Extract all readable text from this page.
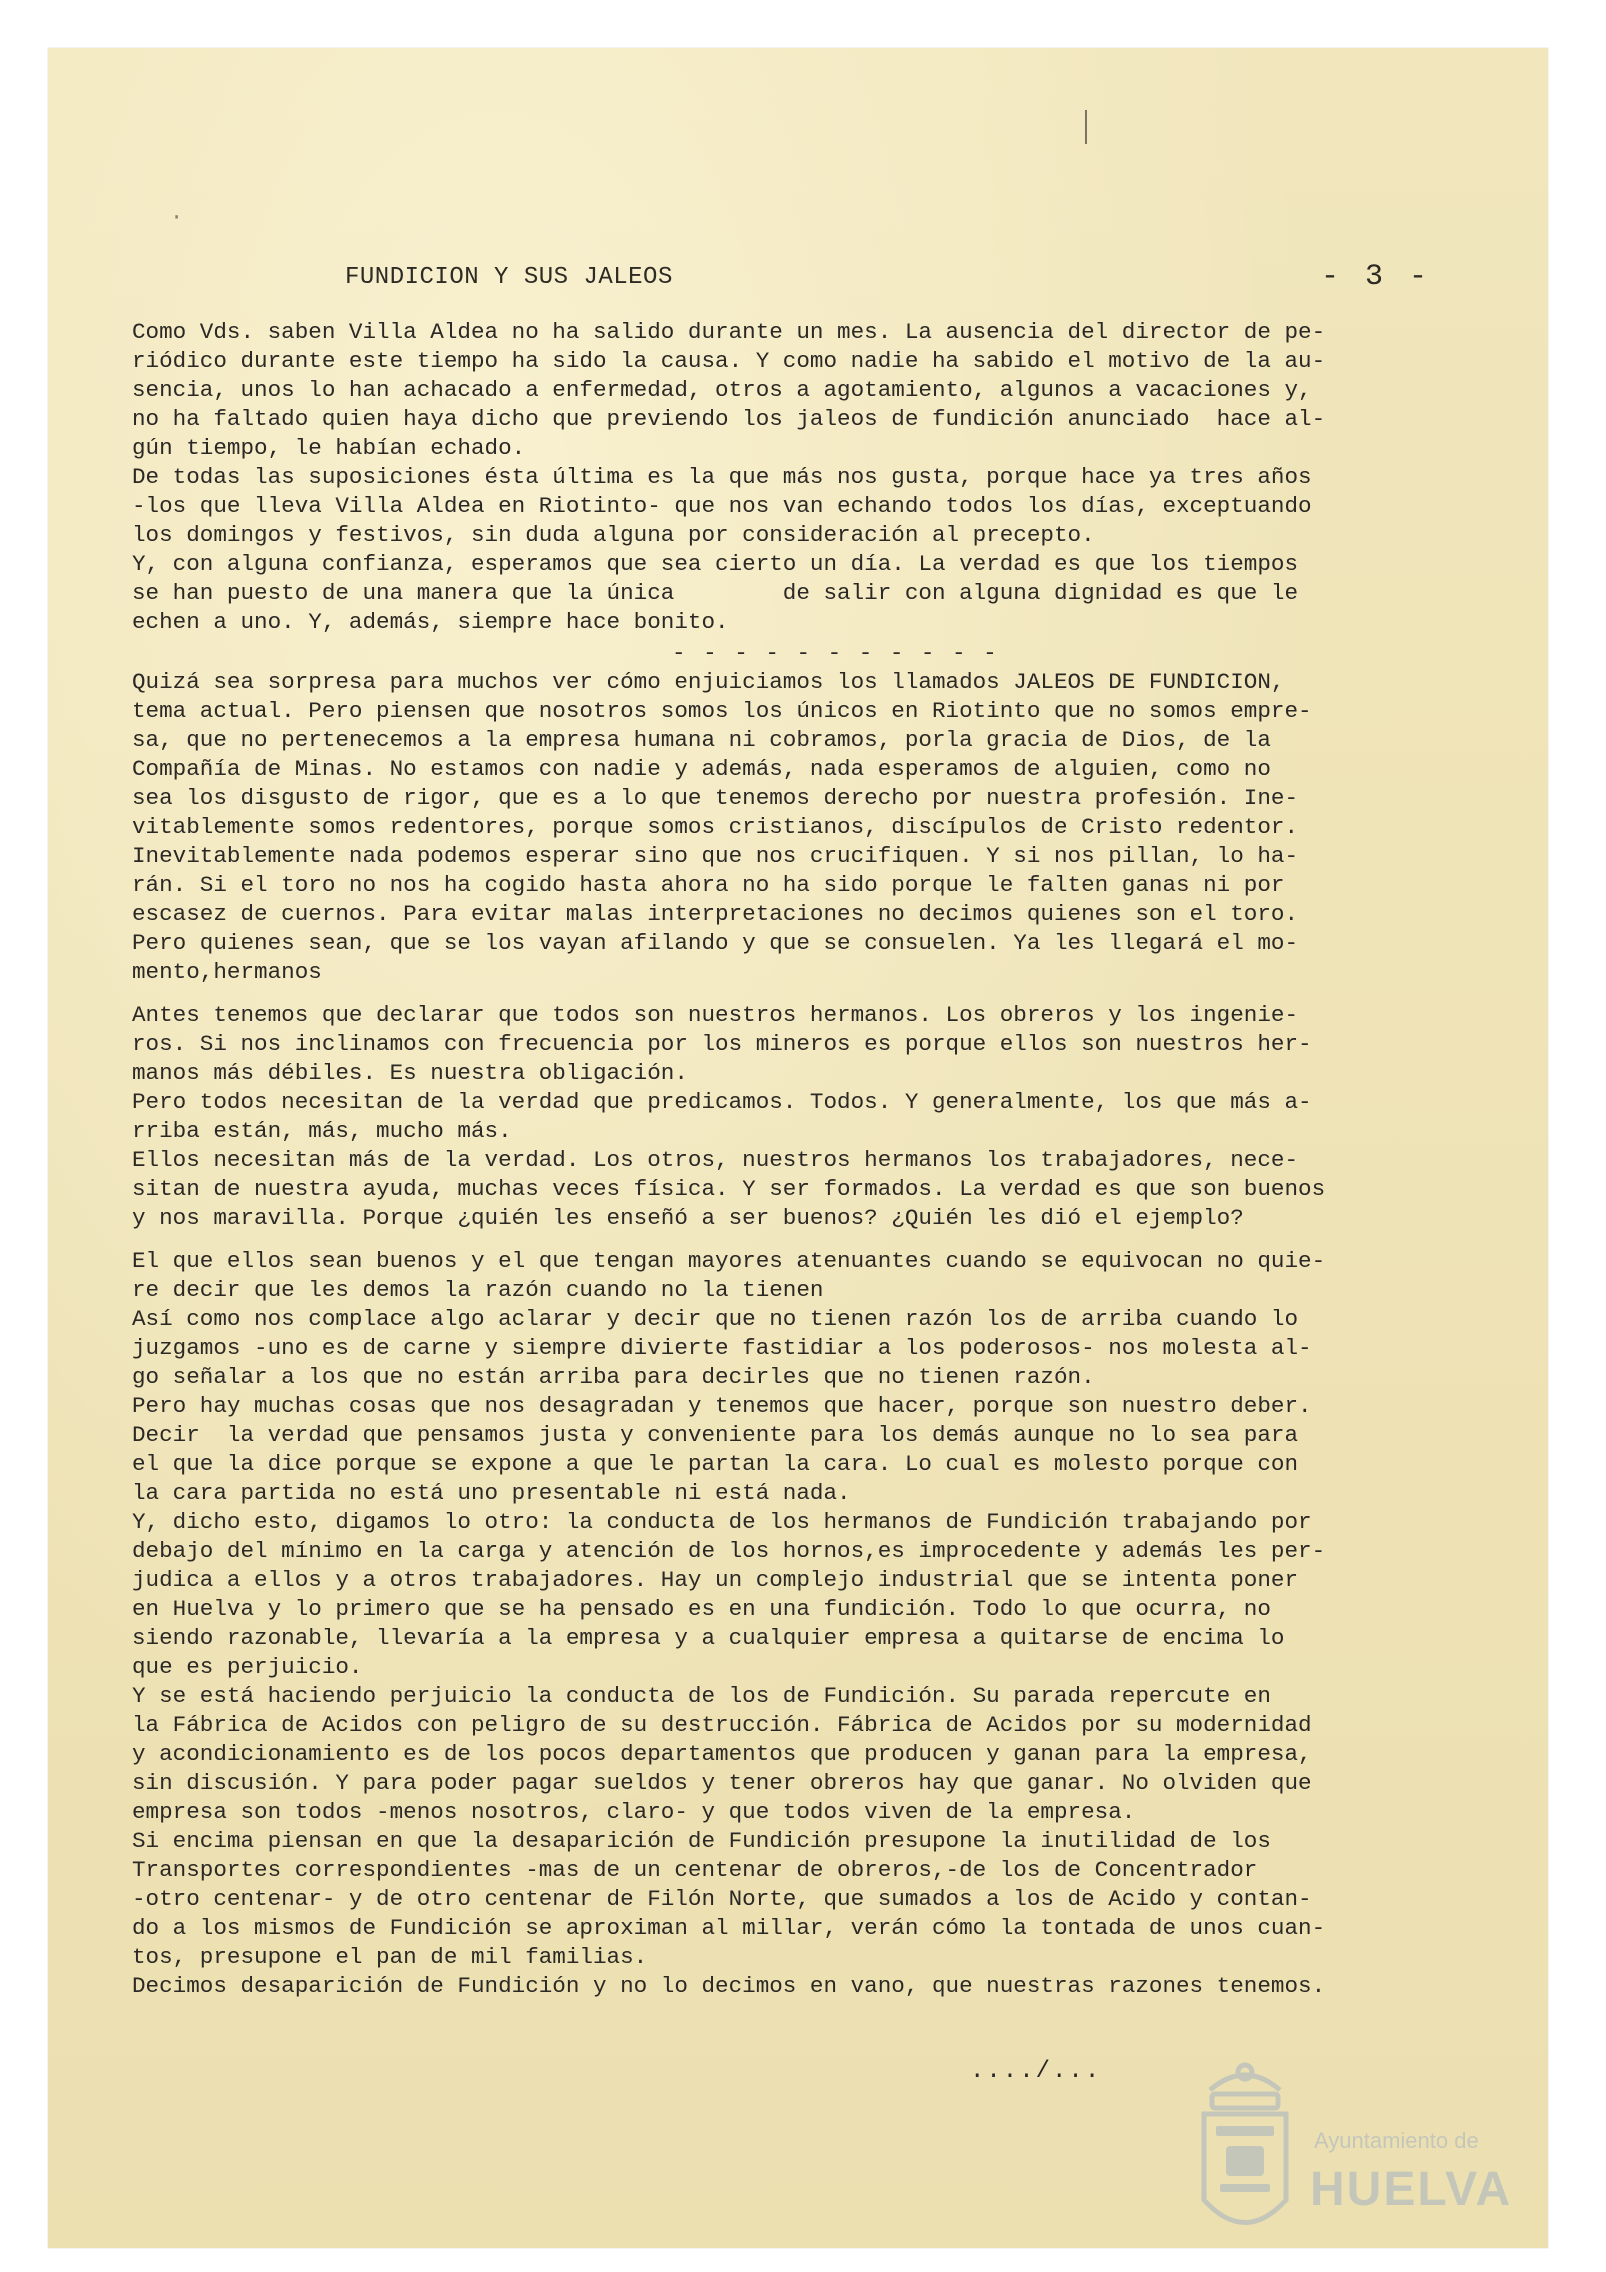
·
FUNDICION Y SUS JALEOS	- 3 -

Como Vds. saben Villa Aldea no ha salido durante un mes. La ausencia del director de pe-

riódico durante este tiempo ha sido la causa. Y como nadie ha sabido el motivo de la au-

sencia, unos lo han achacado a enfermedad, otros a agotamiento, algunos a vacaciones y,

no ha faltado quien haya dicho que previendo los jaleos de fundición anunciado  hace al-

gún tiempo, le habían echado.

De todas las suposiciones ésta última es la que más nos gusta, porque hace ya tres años

-los que lleva Villa Aldea en Riotinto- que nos van echando todos los días, exceptuando

los domingos y festivos, sin duda alguna por consideración al precepto.

Y, con alguna confianza, esperamos que sea cierto un día. La verdad es que los tiempos

se han puesto de una manera que la única        de salir con alguna dignidad es que le

echen a uno. Y, además, siempre hace bonito.

- - - - - - - - - - -

Quizá sea sorpresa para muchos ver cómo enjuiciamos los llamados JALEOS DE FUNDICION,

tema actual. Pero piensen que nosotros somos los únicos en Riotinto que no somos empre-

sa, que no pertenecemos a la empresa humana ni cobramos, porla gracia de Dios, de la

Compañía de Minas. No estamos con nadie y además, nada esperamos de alguien, como no

sea los disgusto de rigor, que es a lo que tenemos derecho por nuestra profesión. Ine-

vitablemente somos redentores, porque somos cristianos, discípulos de Cristo redentor.

Inevitablemente nada podemos esperar sino que nos crucifiquen. Y si nos pillan, lo ha-

rán. Si el toro no nos ha cogido hasta ahora no ha sido porque le falten ganas ni por

escasez de cuernos. Para evitar malas interpretaciones no decimos quienes son el toro.

Pero quienes sean, que se los vayan afilando y que se consuelen. Ya les llegará el mo-

mento,hermanos

Antes tenemos que declarar que todos son nuestros hermanos. Los obreros y los ingenie-

ros. Si nos inclinamos con frecuencia por los mineros es porque ellos son nuestros her-

manos más débiles. Es nuestra obligación.

Pero todos necesitan de la verdad que predicamos. Todos. Y generalmente, los que más a-

rriba están, más, mucho más.

Ellos necesitan más de la verdad. Los otros, nuestros hermanos los trabajadores, nece-

sitan de nuestra ayuda, muchas veces física. Y ser formados. La verdad es que son buenos

y nos maravilla. Porque ¿quién les enseñó a ser buenos? ¿Quién les dió el ejemplo?

El que ellos sean buenos y el que tengan mayores atenuantes cuando se equivocan no quie-

re decir que les demos la razón cuando no la tienen

Así como nos complace algo aclarar y decir que no tienen razón los de arriba cuando lo

juzgamos -uno es de carne y siempre divierte fastidiar a los poderosos- nos molesta al-

go señalar a los que no están arriba para decirles que no tienen razón.

Pero hay muchas cosas que nos desagradan y tenemos que hacer, porque son nuestro deber.

Decir  la verdad que pensamos justa y conveniente para los demás aunque no lo sea para

el que la dice porque se expone a que le partan la cara. Lo cual es molesto porque con

la cara partida no está uno presentable ni está nada.

Y, dicho esto, digamos lo otro: la conducta de los hermanos de Fundición trabajando por

debajo del mínimo en la carga y atención de los hornos,es improcedente y además les per-

judica a ellos y a otros trabajadores. Hay un complejo industrial que se intenta poner

en Huelva y lo primero que se ha pensado es en una fundición. Todo lo que ocurra, no

siendo razonable, llevaría a la empresa y a cualquier empresa a quitarse de encima lo

que es perjuicio.

Y se está haciendo perjuicio la conducta de los de Fundición. Su parada repercute en

la Fábrica de Acidos con peligro de su destrucción. Fábrica de Acidos por su modernidad

y acondicionamiento es de los pocos departamentos que producen y ganan para la empresa,

sin discusión. Y para poder pagar sueldos y tener obreros hay que ganar. No olviden que

empresa son todos -menos nosotros, claro- y que todos viven de la empresa.

Si encima piensan en que la desaparición de Fundición presupone la inutilidad de los

Transportes correspondientes -mas de un centenar de obreros,-de los de Concentrador

-otro centenar- y de otro centenar de Filón Norte, que sumados a los de Acido y contan-

do a los mismos de Fundición se aproximan al millar, verán cómo la tontada de unos cuan-

tos, presupone el pan de mil familias.

Decimos desaparición de Fundición y no lo decimos en vano, que nuestras razones tenemos.

..../...
Ayuntamiento de
HUELVA
